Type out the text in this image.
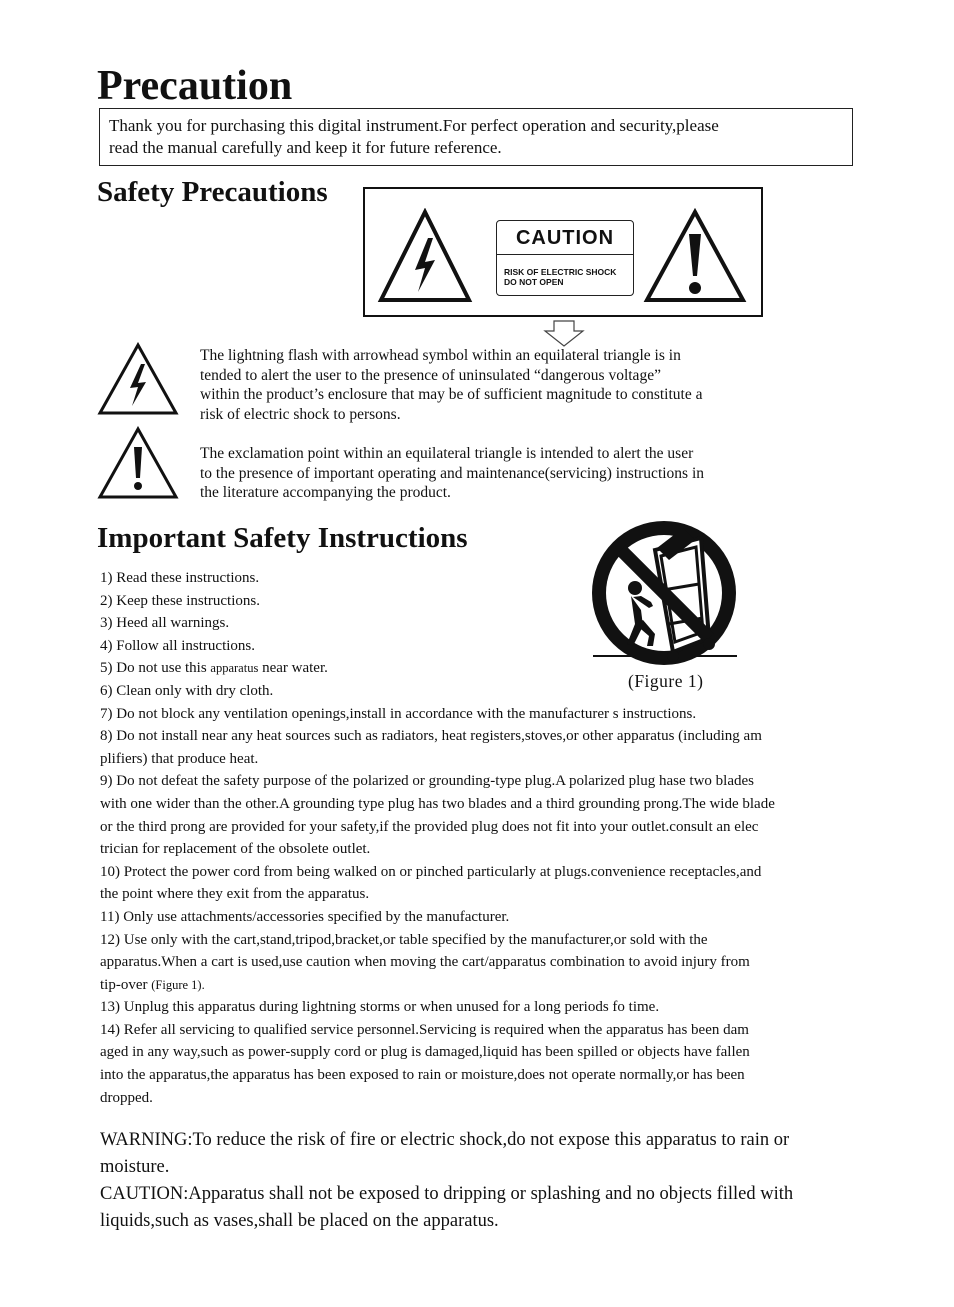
Precaution
Thank you for purchasing this digital instrument.For perfect operation and security,please
read the manual carefully and keep it for future reference.
Safety Precautions
CAUTION
RISK OF ELECTRIC SHOCK
DO NOT OPEN
The lightning flash with arrowhead symbol within an equilateral triangle is in
tended to alert the user to the presence of uninsulated “dangerous voltage”
within the product’s enclosure that may be of sufficient magnitude to constitute a
risk of electric shock to persons.
The exclamation point within an equilateral triangle is intended to alert the user
to the presence of important operating and maintenance(servicing) instructions in
the literature accompanying the product.
Important Safety Instructions
(Figure 1)
1) Read these instructions.
2) Keep these instructions.
3) Heed all warnings.
4) Follow all instructions.
5) Do not use this apparatus near water.
6) Clean only with dry cloth.
7) Do not block any ventilation openings,install in accordance with the manufacturer s instructions.
8) Do not install near any heat sources such as radiators, heat registers,stoves,or other apparatus (including am
plifiers) that produce heat.
9) Do not defeat the safety purpose of the polarized or grounding-type plug.A polarized plug hase two blades
with one wider than the other.A grounding type plug has two blades and a third grounding prong.The wide blade
or the third prong are provided for your safety,if the provided plug does not fit into your outlet.consult an elec
trician for replacement of the obsolete outlet.
10) Protect the power cord from being walked on or pinched particularly at plugs.convenience receptacles,and
the point where they exit from the apparatus.
11) Only use attachments/accessories specified by the manufacturer.
12) Use only with the cart,stand,tripod,bracket,or table specified by the manufacturer,or sold with the
apparatus.When a cart is used,use caution when moving the cart/apparatus combination to avoid injury from
tip-over (Figure 1).
13) Unplug this apparatus during lightning storms or when unused for a long periods fo time.
14) Refer all servicing to qualified service personnel.Servicing is required when the apparatus has been dam
aged in any way,such as power-supply cord or plug is damaged,liquid has been spilled or objects have fallen
into the apparatus,the apparatus has been exposed to rain or moisture,does not operate normally,or has been
dropped.
WARNING:To reduce the risk of fire or electric shock,do not expose this apparatus to rain or
moisture.
CAUTION:Apparatus shall not be exposed to dripping or splashing and no objects filled with
liquids,such as vases,shall be placed on the apparatus.
